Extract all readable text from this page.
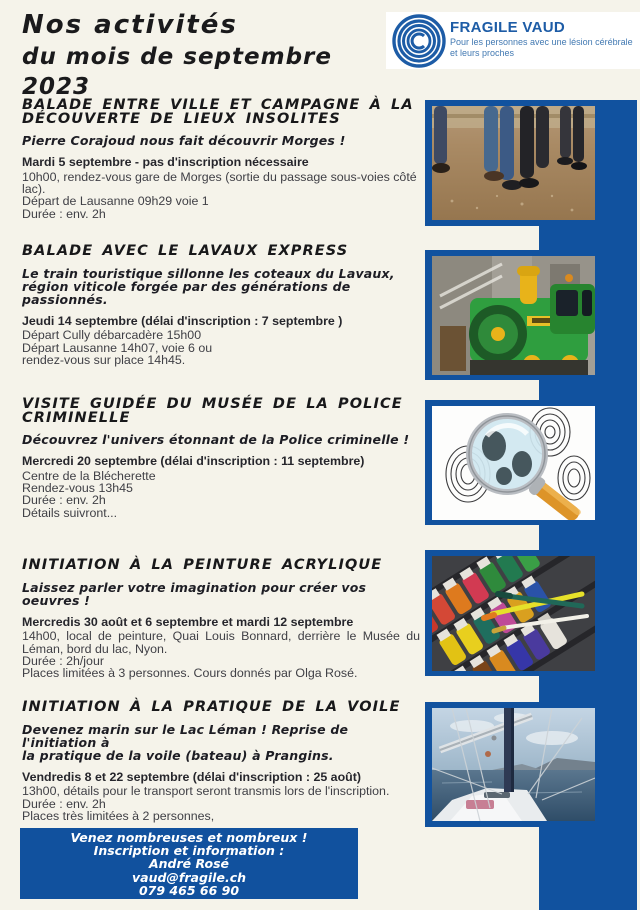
Nos activités
du mois de septembre 2023
FRAGILE VAUD
Pour les personnes avec une lésion cérébrale
et leurs proches
BALADE ENTRE VILLE ET CAMPAGNE À LA DÉCOUVERTE DE LIEUX INSOLITES

Pierre Corajoud nous fait découvrir Morges !

Mardi 5 septembre - pas d'inscription nécessaire

10h00, rendez-vous gare de Morges (sortie du passage sous-voies côté lac).

Départ de Lausanne 09h29 voie 1

Durée : env. 2h

BALADE AVEC LE LAVAUX EXPRESS

Le train touristique sillonne les coteaux du Lavaux,

région viticole forgée par des générations de passionnés.

Jeudi 14 septembre (délai d'inscription : 7 septembre )

Départ Cully débarcadère 15h00

Départ Lausanne 14h07, voie 6 ou

rendez-vous sur place 14h45.

VISITE GUIDÉE DU MUSÉE DE LA POLICE CRIMINELLE

Découvrez l'univers étonnant de la Police criminelle !

Mercredi 20 septembre (délai d'inscription : 11 septembre)

Centre de la Blécherette

Rendez-vous 13h45

Durée : env. 2h

Détails suivront...

INITIATION À LA PEINTURE ACRYLIQUE

Laissez parler votre imagination pour créer vos oeuvres !

Mercredis 30 août et 6 septembre et mardi 12 septembre

14h00, local de peinture, Quai Louis Bonnard, derrière le Musée du Léman, bord du lac, Nyon.

Durée : 2h/jour

Places limitées à 3 personnes. Cours donnés par Olga Rosé.

INITIATION À LA PRATIQUE DE LA VOILE

Devenez marin sur le Lac Léman ! Reprise de l'initiation à

la pratique de la voile (bateau) à Prangins.

Vendredis 8 et 22 septembre (délai d'inscription : 25 août)

13h00, détails pour le transport seront transmis lors de l'inscription.

Durée : env. 2h

Places très limitées à 2 personnes,

Venez nombreuses et nombreux !

Inscription et information :

André Rosé

vaud@fragile.ch

079 465 66 90
